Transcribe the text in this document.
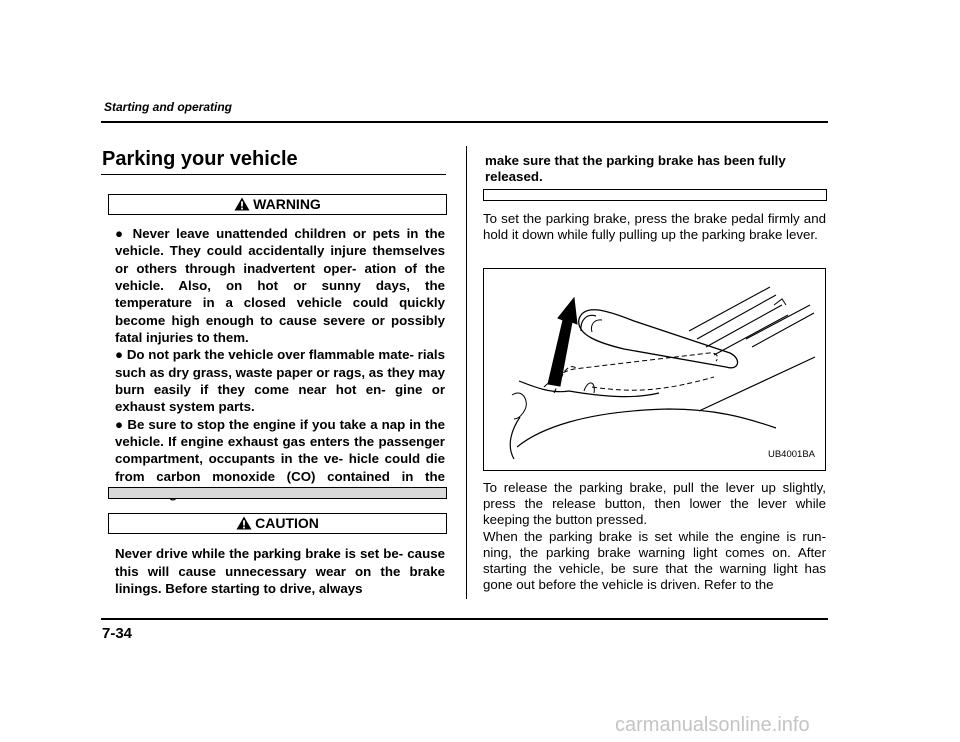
Starting and operating
Parking your vehicle
WARNING

● Never leave unattended children or pets in the vehicle. They could accidentally injure themselves or others through inadvertent oper- ation of the vehicle. Also, on hot or sunny days, the temperature in a closed vehicle could quickly become high enough to cause severe or possibly fatal injuries to them.

● Do not park the vehicle over flammable mate- rials such as dry grass, waste paper or rags, as they may burn easily if they come near hot en- gine or exhaust system parts.

● Be sure to stop the engine if you take a nap in the vehicle. If engine exhaust gas enters the passenger compartment, occupants in the ve- hicle could die from carbon monoxide (CO) contained in the

CAUTION
Never drive while the parking brake is set be- cause this will cause unnecessary wear on the brake linings. Before starting to drive, always
make sure that the parking brake has been fully released.
To set the parking brake, press the brake pedal firmly and hold it down while fully pulling up the parking brake lever.
UB4001BA

To release the parking brake, pull the lever up slightly, press the release button, then lower the lever while keeping the button pressed.

When the parking brake is set while the engine is run- ning, the parking brake warning light comes on. After starting the vehicle, be sure that the warning light has gone out before the vehicle is driven. Refer to the

7-34
carmanualsonline.info
